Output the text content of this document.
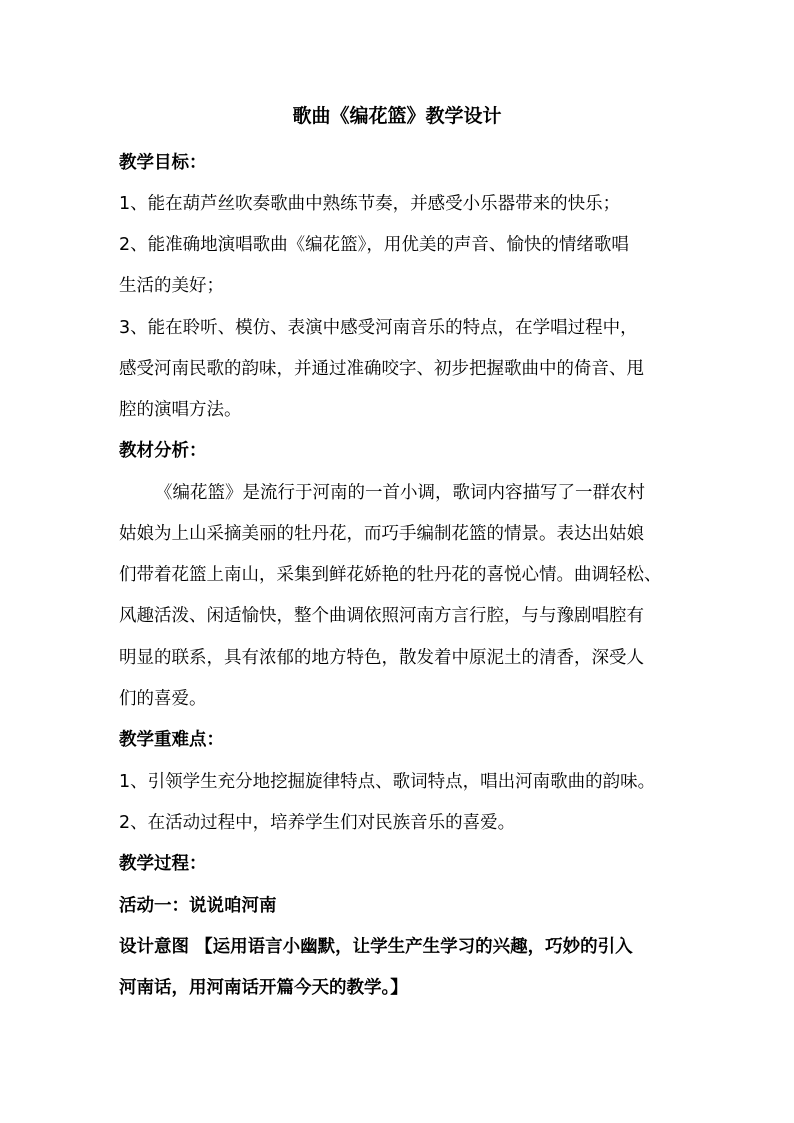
歌曲《编花篮》教学设计
教学目标：
1、能在葫芦丝吹奏歌曲中熟练节奏，并感受小乐器带来的快乐；
2、能准确地演唱歌曲《编花篮》，用优美的声音、愉快的情绪歌唱
生活的美好；
3、能在聆听、模仿、表演中感受河南音乐的特点，在学唱过程中，
感受河南民歌的韵味，并通过准确咬字、初步把握歌曲中的倚音、甩
腔的演唱方法。
教材分析：
《编花篮》是流行于河南的一首小调，歌词内容描写了一群农村
姑娘为上山采摘美丽的牡丹花，而巧手编制花篮的情景。表达出姑娘
们带着花篮上南山，采集到鲜花娇艳的牡丹花的喜悦心情。曲调轻松、
风趣活泼、闲适愉快，整个曲调依照河南方言行腔，与与豫剧唱腔有
明显的联系，具有浓郁的地方特色，散发着中原泥土的清香，深受人
们的喜爱。
教学重难点：
1、引领学生充分地挖掘旋律特点、歌词特点，唱出河南歌曲的韵味。
2、在活动过程中，培养学生们对民族音乐的喜爱。
教学过程：
活动一：说说咱河南
设计意图 【运用语言小幽默，让学生产生学习的兴趣，巧妙的引入
河南话，用河南话开篇今天的教学。】
